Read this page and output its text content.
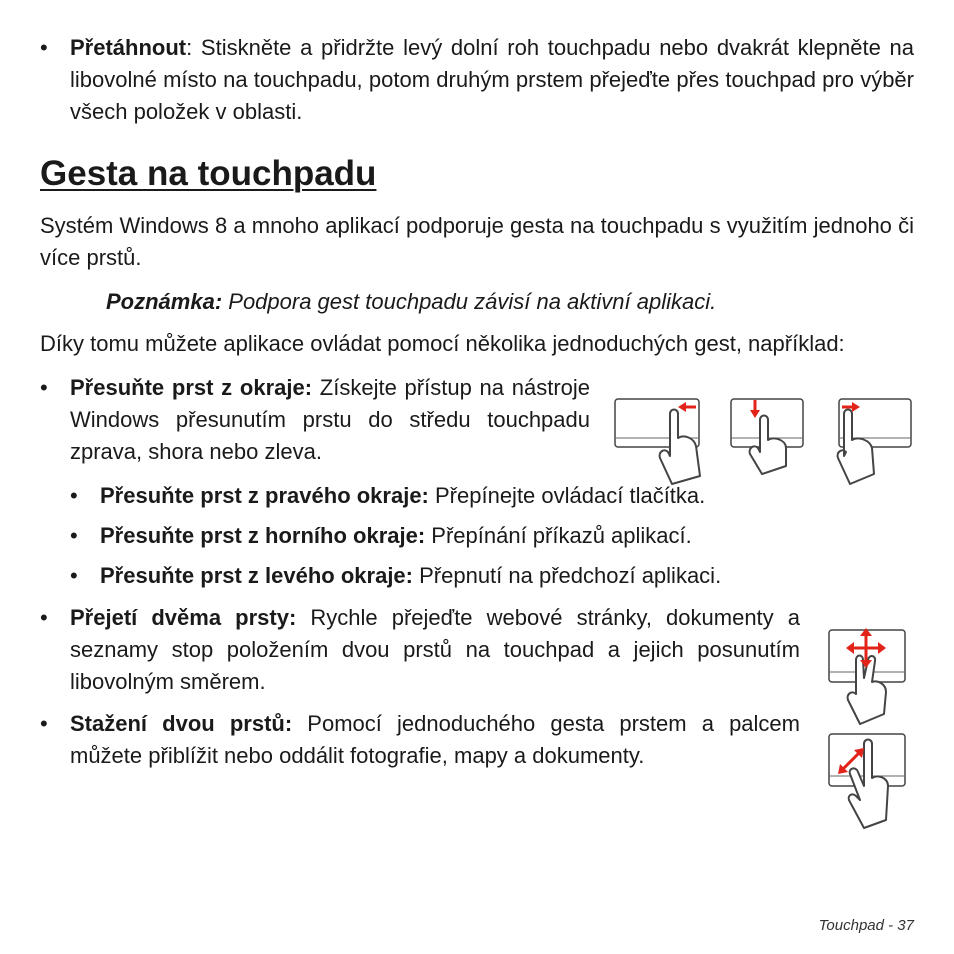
• Přetáhnout: Stiskněte a přidržte levý dolní roh touchpadu nebo dvakrát klepněte na libovolné místo na touchpadu, potom druhým prstem přejeďte přes touchpad pro výběr všech položek v oblasti.

Gesta na touchpadu

Systém Windows 8 a mnoho aplikací podporuje gesta na touchpadu s využitím jednoho či více prstů.

Poznámka: Podpora gest touchpadu závisí na aktivní aplikaci.

Díky tomu můžete aplikace ovládat pomocí několika jednoduchých gest, například:

• Přesuňte prst z okraje: Získejte přístup na nástroje Windows přesunutím prstu do středu touchpadu zprava, shora nebo zleva.

• Přesuňte prst z pravého okraje: Přepínejte ovládací tlačítka.

• Přesuňte prst z horního okraje: Přepínání příkazů aplikací.

• Přesuňte prst z levého okraje: Přepnutí na předchozí aplikaci.

• Přejetí dvěma prsty: Rychle přejeďte webové stránky, dokumenty a seznamy stop položením dvou prstů na touchpad a jejich posunutím libovolným směrem.

• Stažení dvou prstů: Pomocí jednoduchého gesta prstem a palcem můžete přiblížit nebo oddálit fotografie, mapy a dokumenty.

Touchpad - 37
